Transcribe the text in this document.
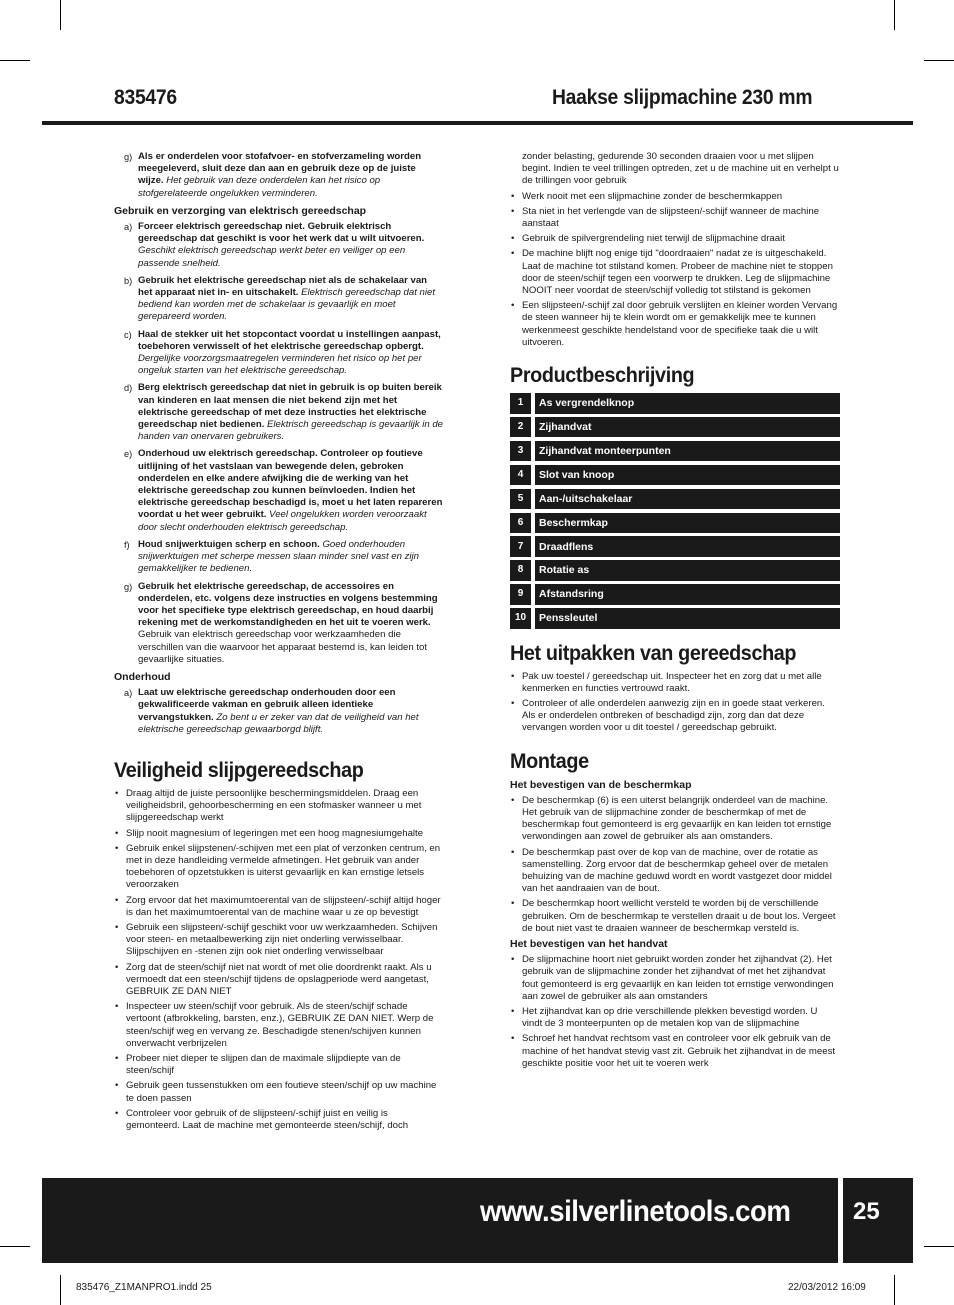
835476	Haakse slijpmachine 230 mm
g) Als er onderdelen voor stofafvoer- en stofverzameling worden meegeleverd, sluit deze dan aan en gebruik deze op de juiste wijze. Het gebruik van deze onderdelen kan het risico op stofgerelateerde ongelukken verminderen.
Gebruik en verzorging van elektrisch gereedschap
a) Forceer elektrisch gereedschap niet. Gebruik elektrisch gereedschap dat geschikt is voor het werk dat u wilt uitvoeren. Geschikt elektrisch gereedschap werkt beter en veiliger op een passende snelheid.
b) Gebruik het elektrische gereedschap niet als de schakelaar van het apparaat niet in- en uitschakelt. Elektrisch gereedschap dat niet bediend kan worden met de schakelaar is gevaarlijk en moet gerepareerd worden.
c) Haal de stekker uit het stopcontact voordat u instellingen aanpast, toebehoren verwisselt of het elektrische gereedschap opbergt. Dergelijke voorzorgsmaatregelen verminderen het risico op het per ongeluk starten van het elektrische gereedschap.
d) Berg elektrisch gereedschap dat niet in gebruik is op buiten bereik van kinderen en laat mensen die niet bekend zijn met het elektrische gereedschap of met deze instructies het elektrische gereedschap niet bedienen. Elektrisch gereedschap is gevaarlijk in de handen van onervaren gebruikers.
e) Onderhoud uw elektrisch gereedschap. Controleer op foutieve uitlijning of het vastslaan van bewegende delen, gebroken onderdelen en elke andere afwijking die de werking van het elektrische gereedschap zou kunnen beïnvloeden. Indien het elektrische gereedschap beschadigd is, moet u het laten repareren voordat u het weer gebruikt. Veel ongelukken worden veroorzaakt door slecht onderhouden elektrisch gereedschap.
f) Houd snijwerktuigen scherp en schoon. Goed onderhouden snijwerktuigen met scherpe messen slaan minder snel vast en zijn gemakkelijker te bedienen.
g) Gebruik het elektrische gereedschap, de accessoires en onderdelen, etc. volgens deze instructies en volgens bestemming voor het specifieke type elektrisch gereedschap, en houd daarbij rekening met de werkomstandigheden en het uit te voeren werk. Gebruik van elektrisch gereedschap voor werkzaamheden die verschillen van die waarvoor het apparaat bestemd is, kan leiden tot gevaarlijke situaties.
Onderhoud
a) Laat uw elektrische gereedschap onderhouden door een gekwalificeerde vakman en gebruik alleen identieke vervangstukken. Zo bent u er zeker van dat de veiligheid van het elektrische gereedschap gewaarborgd blijft.
Veiligheid slijpgereedschap
• Draag altijd de juiste persoonlijke beschermingsmiddelen. Draag een veiligheidsbril, gehoorbescherming en een stofmasker wanneer u met slijpgereedschap werkt
• Slijp nooit magnesium of legeringen met een hoog magnesiumgehalte
• Gebruik enkel slijpstenen/-schijven met een plat of verzonken centrum, en met in deze handleiding vermelde afmetingen. Het gebruik van ander toebehoren of opzetstukken is uiterst gevaarlijk en kan ernstige letsels veroorzaken
• Zorg ervoor dat het maximumtoerental van de slijpsteen/-schijf altijd hoger is dan het maximumtoerental van de machine waar u ze op bevestigt
• Gebruik een slijpsteen/-schijf geschikt voor uw werkzaamheden. Schijven voor steen- en metaalbewerking zijn niet onderling verwisselbaar. Slijpschijven en -stenen zijn ook niet onderling verwisselbaar
• Zorg dat de steen/schijf niet nat wordt of met olie doordrenkt raakt. Als u vermoedt dat een steen/schijf tijdens de opslagperiode werd aangetast, GEBRUIK ZE DAN NIET
• Inspecteer uw steen/schijf voor gebruik. Als de steen/schijf schade vertoont (afbrokkeling, barsten, enz.), GEBRUIK ZE DAN NIET. Werp de steen/schijf weg en vervang ze. Beschadigde stenen/schijven kunnen onverwacht verbrijzelen
• Probeer niet dieper te slijpen dan de maximale slijpdiepte van de steen/schijf
• Gebruik geen tussenstukken om een foutieve steen/schijf op uw machine te doen passen
• Controleer voor gebruik of de slijpsteen/-schijf juist en veilig is gemonteerd. Laat de machine met gemonteerde steen/schijf, doch
zonder belasting, gedurende 30 seconden draaien voor u met slijpen begint. Indien te veel trillingen optreden, zet u de machine uit en verhelpt u de trillingen voor gebruik
• Werk nooit met een slijpmachine zonder de beschermkappen
• Sta niet in het verlengde van de slijpsteen/-schijf wanneer de machine aanstaat
• Gebruik de spilvergrendeling niet terwijl de slijpmachine draait
• De machine blijft nog enige tijd "doordraaien" nadat ze is uitgeschakeld. Laat de machine tot stilstand komen. Probeer de machine niet te stoppen door de steen/schijf tegen een voorwerp te drukken. Leg de slijpmachine NOOIT neer voordat de steen/schijf volledig tot stilstand is gekomen
• Een slijpsteen/-schijf zal door gebruik verslijten en kleiner worden Vervang de steen wanneer hij te klein wordt om er gemakkelijk mee te kunnen werkenmeest geschikte hendelstand voor de specifieke taak die u wilt uitvoeren.
Productbeschrijving
1	As vergrendelknop
2	Zijhandvat
3	Zijhandvat monteerpunten
4	Slot van knoop
5	Aan-/uitschakelaar
6	Beschermkap
7	Draadflens
8	Rotatie as
9	Afstandsring
10	Penssleutel
Het uitpakken van gereedschap
• Pak uw toestel / gereedschap uit. Inspecteer het en zorg dat u met alle kenmerken en functies vertrouwd raakt.
• Controleer of alle onderdelen aanwezig zijn en in goede staat verkeren. Als er onderdelen ontbreken of beschadigd zijn, zorg dan dat deze vervangen worden voor u dit toestel / gereedschap gebruikt.
Montage
Het bevestigen van de beschermkap
• De beschermkap (6) is een uiterst belangrijk onderdeel van de machine. Het gebruik van de slijpmachine zonder de beschermkap of met de beschermkap fout gemonteerd is erg gevaarlijk en kan leiden tot ernstige verwondingen aan zowel de gebruiker als aan omstanders.
• De beschermkap past over de kop van de machine, over de rotatie as samenstelling. Zorg ervoor dat de beschermkap geheel over de metalen behuizing van de machine geduwd wordt en wordt vastgezet door middel van het aandraaien van de bout.
• De beschermkap hoort wellicht versteld te worden bij de verschillende gebruiken. Om de beschermkap te verstellen draait u de bout los. Vergeet de bout niet vast te draaien wanneer de beschermkap versteld is.
Het bevestigen van het handvat
• De slijpmachine hoort niet gebruikt worden zonder het zijhandvat (2). Het gebruik van de slijpmachine zonder het zijhandvat of met het zijhandvat fout gemonteerd is erg gevaarlijk en kan leiden tot ernstige verwondingen aan zowel de gebruiker als aan omstanders
• Het zijhandvat kan op drie verschillende plekken bevestigd worden. U vindt de 3 monteerpunten op de metalen kop van de slijpmachine
• Schroef het handvat rechtsom vast en controleer voor elk gebruik van de machine of het handvat stevig vast zit. Gebruik het zijhandvat in de meest geschikte positie voor het uit te voeren werk
www.silverlinetools.com	25
835476_Z1MANPRO1.indd 25	22/03/2012 16:09
